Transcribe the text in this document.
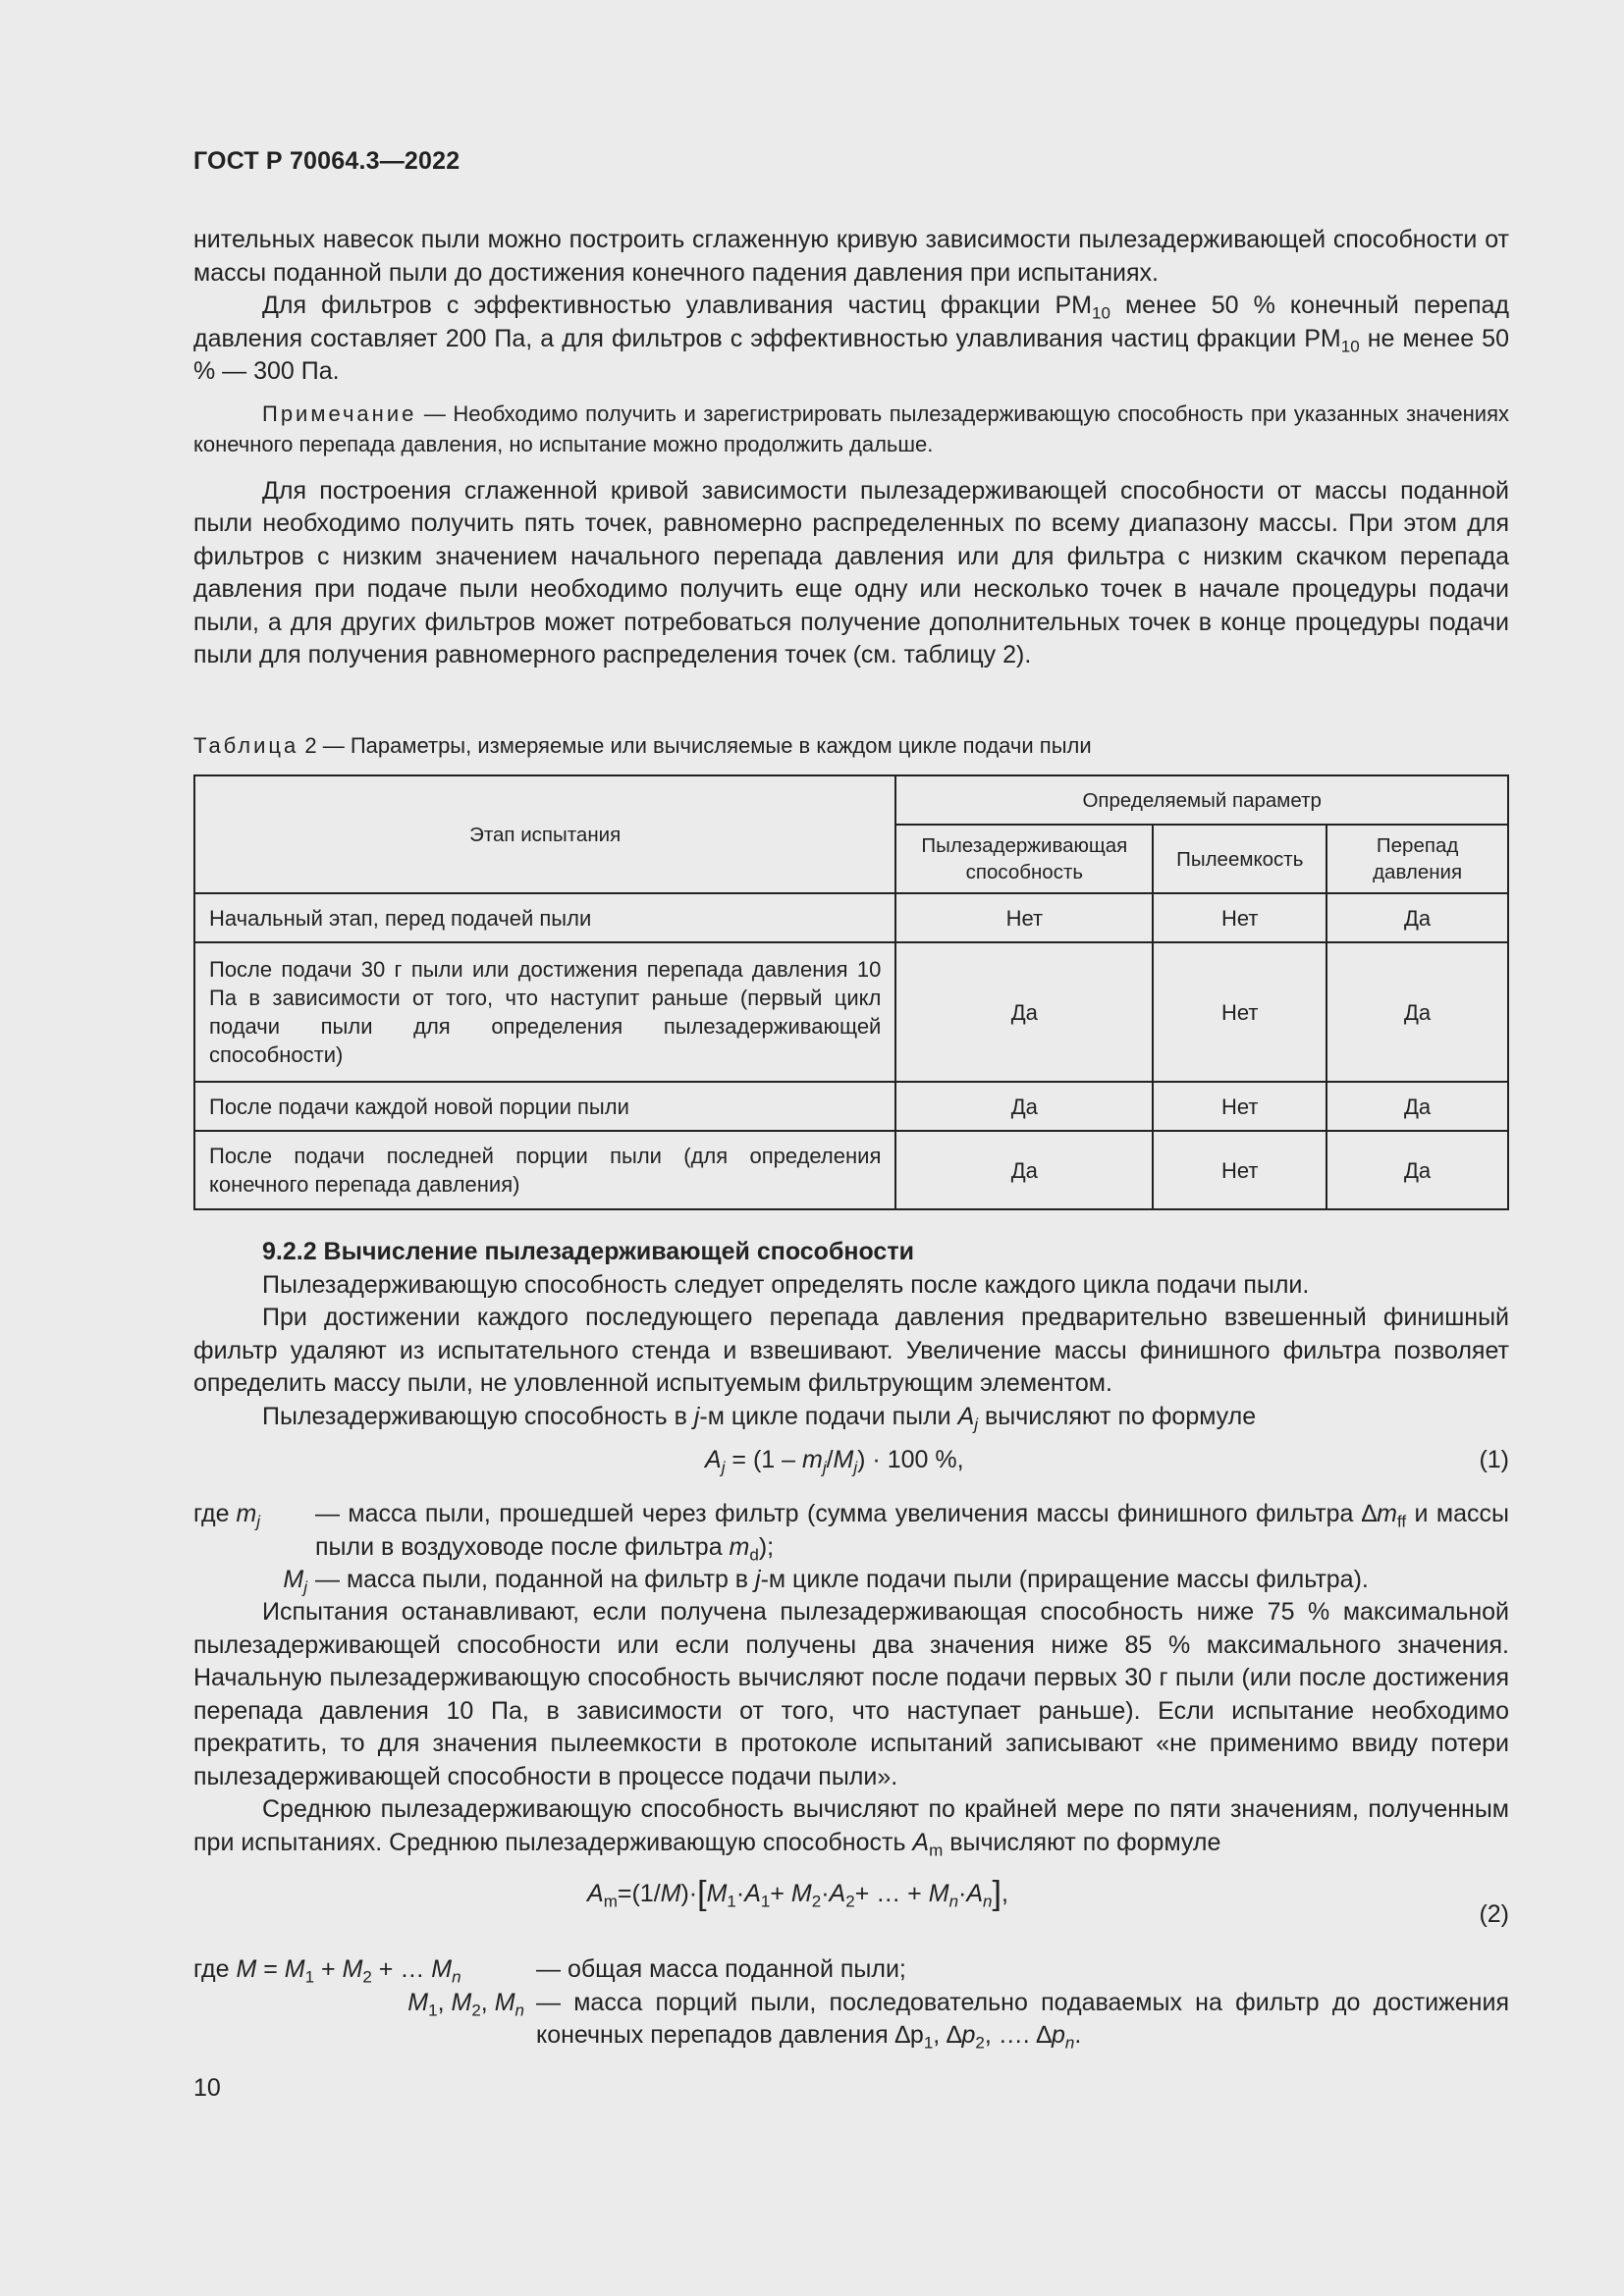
ГОСТ Р 70064.3—2022

нительных навесок пыли можно построить сглаженную кривую зависимости пылезадерживающей способности от массы поданной пыли до достижения конечного падения давления при испытаниях.

Для фильтров с эффективностью улавливания частиц фракции $PM_{10}$ менее 50 % конечный перепад давления составляет 200 Па, а для фильтров с эффективностью улавливания частиц фракции $PM_{10}$ не менее 50 % — 300 Па.

Примечание — Необходимо получить и зарегистрировать пылезадерживающую способность при указанных значениях конечного перепада давления, но испытание можно продолжить дальше.

Для построения сглаженной кривой зависимости пылезадерживающей способности от массы поданной пыли необходимо получить пять точек, равномерно распределенных по всему диапазону массы. При этом для фильтров с низким значением начального перепада давления или для фильтра с низким скачком перепада давления при подаче пыли необходимо получить еще одну или несколько точек в начале процедуры подачи пыли, а для других фильтров может потребоваться получение дополнительных точек в конце процедуры подачи пыли для получения равномерного распределения точек (см. таблицу 2).

Таблица 2 — Параметры, измеряемые или вычисляемые в каждом цикле подачи пыли
Этап испытания	Определяемый параметр		
	Пылезадерживающая способность	Пылеемкость	Перепад давления
Начальный этап, перед подачей пыли	Нет	Нет	Да
После подачи 30 г пыли или достижения перепада давления 10 Па в зависимости от того, что наступит раньше (первый цикл подачи пыли для определения пылезадерживающей способности)	Да	Нет	Да
После подачи каждой новой порции пыли	Да	Нет	Да
После подачи последней порции пыли (для определения конечного перепада давления)	Да	Нет	Да

9.2.2 Вычисление пылезадерживающей способности

Пылезадерживающую способность следует определять после каждого цикла подачи пыли.

При достижении каждого последующего перепада давления предварительно взвешенный финишный фильтр удаляют из испытательного стенда и взвешивают. Увеличение массы финишного фильтра позволяет определить массу пыли, не уловленной испытуемым фильтрующим элементом.

Пылезадерживающую способность в j-м цикле подачи пыли $A_j$ вычисляют по формуле

$A_j = (1 - m_j/M_j) \cdot 100$ %,	(1)
где $m_j$	— масса пыли, прошедшей через фильтр (сумма увеличения массы финишного фильтра $\Delta m_{ff}$ и массы пыли в воздуховоде после фильтра $m_d$);
$M_j$ — масса пыли, поданной на фильтр в j-м цикле подачи пыли (приращение массы фильтра).

Испытания останавливают, если получена пылезадерживающая способность ниже 75 % максимальной пылезадерживающей способности или если получены два значения ниже 85 % максимального значения. Начальную пылезадерживающую способность вычисляют после подачи первых 30 г пыли (или после достижения перепада давления 10 Па, в зависимости от того, что наступает раньше). Если испытание необходимо прекратить, то для значения пылеемкости в протоколе испытаний записывают «не применимо ввиду потери пылезадерживающей способности в процессе подачи пыли».

Среднюю пылезадерживающую способность вычисляют по крайней мере по пяти значениям, полученным при испытаниях. Среднюю пылезадерживающую способность $A_m$ вычисляют по формуле

$A_m=(1/M)\cdot[M_1\cdot A_1+ M_2\cdot A_2+$ … + $M_n\cdot A_n$],
(2)
где $M = M_1 + M_2$ + … $M_n$	— общая масса поданной пыли;
$M_1$, $M_2$, $M_n$ — масса порций пыли, последовательно подаваемых на фильтр до достижения конечных перепадов давления $\Delta p_1$, $\Delta p_2$, …. $\Delta p_n$.
10
